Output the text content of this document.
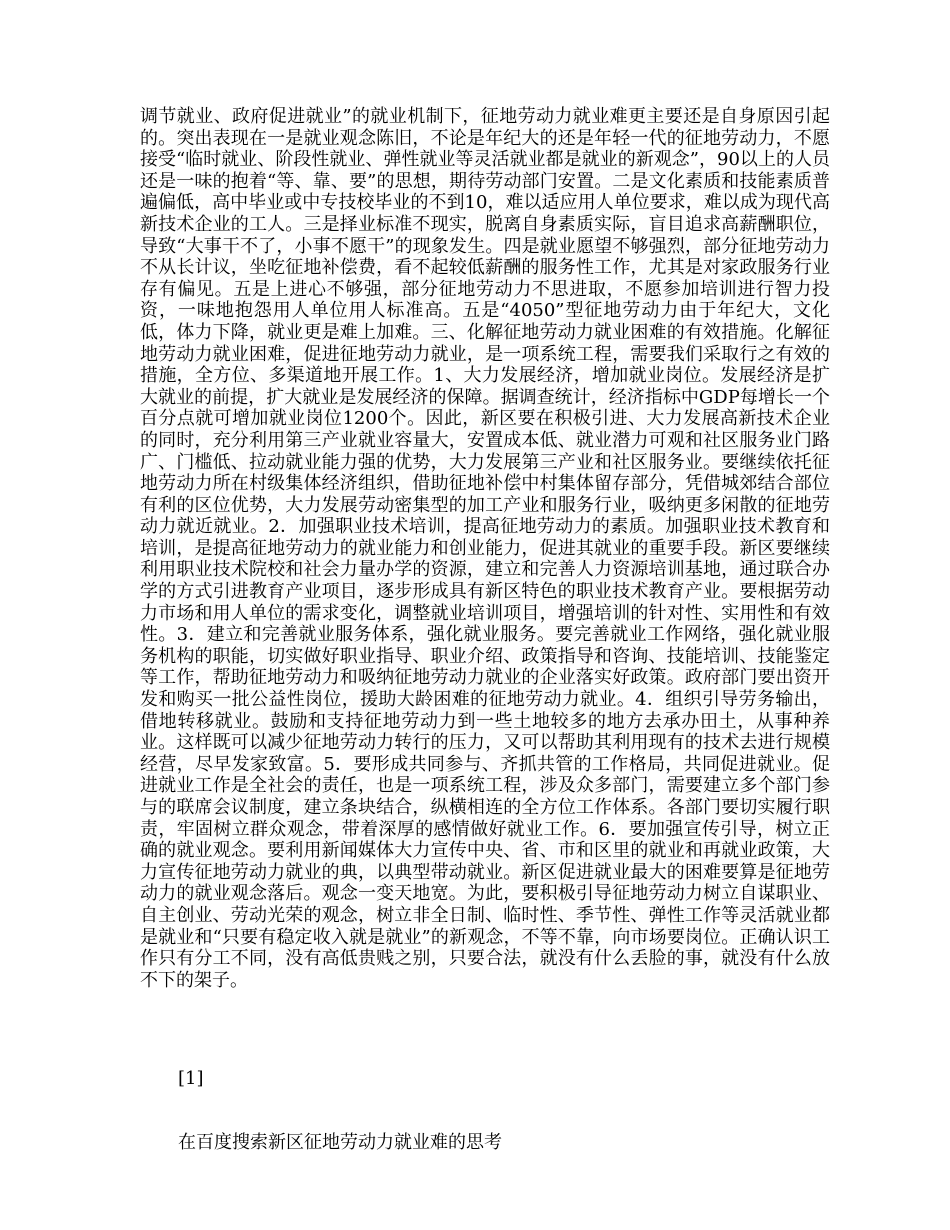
调节就业、政府促进就业”的就业机制下，征地劳动力就业难更主要还是自身原因引起的。突出表现在一是就业观念陈旧，不论是年纪大的还是年轻一代的征地劳动力，不愿接受“临时就业、阶段性就业、弹性就业等灵活就业都是就业的新观念”，90以上的人员还是一味的抱着“等、靠、要”的思想，期待劳动部门安置。二是文化素质和技能素质普遍偏低，高中毕业或中专技校毕业的不到10，难以适应用人单位要求，难以成为现代高新技术企业的工人。三是择业标准不现实，脱离自身素质实际，盲目追求高薪酬职位，导致“大事干不了，小事不愿干”的现象发生。四是就业愿望不够强烈，部分征地劳动力不从长计议，坐吃征地补偿费，看不起较低薪酬的服务性工作，尤其是对家政服务行业存有偏见。五是上进心不够强，部分征地劳动力不思进取，不愿参加培训进行智力投资，一味地抱怨用人单位用人标准高。五是“4050”型征地劳动力由于年纪大，文化低，体力下降，就业更是难上加难。三、化解征地劳动力就业困难的有效措施。化解征地劳动力就业困难，促进征地劳动力就业，是一项系统工程，需要我们采取行之有效的措施，全方位、多渠道地开展工作。1、大力发展经济，增加就业岗位。发展经济是扩大就业的前提，扩大就业是发展经济的保障。据调查统计，经济指标中GDP每增长一个百分点就可增加就业岗位1200个。因此，新区要在积极引进、大力发展高新技术企业的同时，充分利用第三产业就业容量大，安置成本低、就业潜力可观和社区服务业门路广、门槛低、拉动就业能力强的优势，大力发展第三产业和社区服务业。要继续依托征地劳动力所在村级集体经济组织，借助征地补偿中村集体留存部分，凭借城郊结合部位有利的区位优势，大力发展劳动密集型的加工产业和服务行业，吸纳更多闲散的征地劳动力就近就业。2．加强职业技术培训，提高征地劳动力的素质。加强职业技术教育和培训，是提高征地劳动力的就业能力和创业能力，促进其就业的重要手段。新区要继续利用职业技术院校和社会力量办学的资源，建立和完善人力资源培训基地，通过联合办学的方式引进教育产业项目，逐步形成具有新区特色的职业技术教育产业。要根据劳动力市场和用人单位的需求变化，调整就业培训项目，增强培训的针对性、实用性和有效性。3．建立和完善就业服务体系，强化就业服务。要完善就业工作网络，强化就业服务机构的职能，切实做好职业指导、职业介绍、政策指导和咨询、技能培训、技能鉴定等工作，帮助征地劳动力和吸纳征地劳动力就业的企业落实好政策。政府部门要出资开发和购买一批公益性岗位，援助大龄困难的征地劳动力就业。4．组织引导劳务输出，借地转移就业。鼓励和支持征地劳动力到一些土地较多的地方去承办田土，从事种养业。这样既可以减少征地劳动力转行的压力，又可以帮助其利用现有的技术去进行规模经营，尽早发家致富。5．要形成共同参与、齐抓共管的工作格局，共同促进就业。促进就业工作是全社会的责任，也是一项系统工程，涉及众多部门，需要建立多个部门参与的联席会议制度，建立条块结合，纵横相连的全方位工作体系。各部门要切实履行职责，牢固树立群众观念，带着深厚的感情做好就业工作。6．要加强宣传引导，树立正确的就业观念。要利用新闻媒体大力宣传中央、省、市和区里的就业和再就业政策，大力宣传征地劳动力就业的典，以典型带动就业。新区促进就业最大的困难要算是征地劳动力的就业观念落后。观念一变天地宽。为此，要积极引导征地劳动力树立自谋职业、自主创业、劳动光荣的观念，树立非全日制、临时性、季节性、弹性工作等灵活就业都是就业和“只要有稳定收入就是就业”的新观念，不等不靠，向市场要岗位。正确认识工作只有分工不同，没有高低贵贱之别，只要合法，就没有什么丢脸的事，就没有什么放不下的架子。

[1]

在百度搜索新区征地劳动力就业难的思考
